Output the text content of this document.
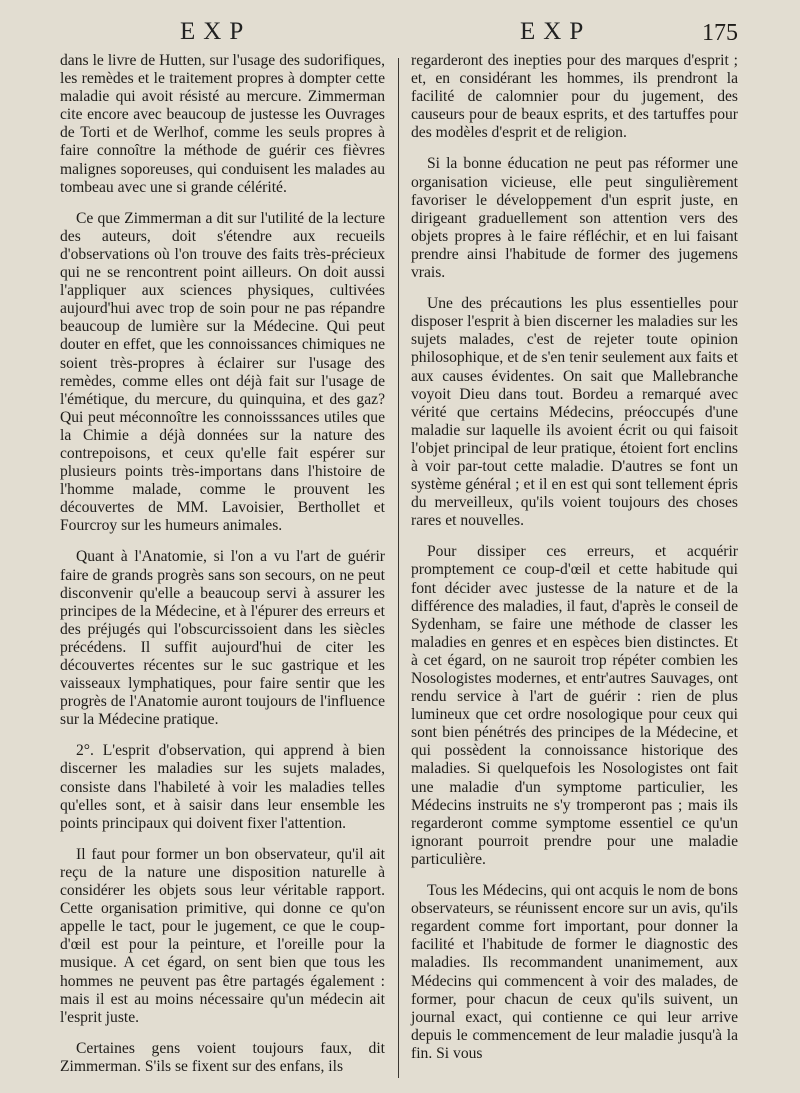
EXP	EXP	175

dans le livre de Hutten, sur l'usage des sudorifiques, les remèdes et le traitement propres à dompter cette maladie qui avoit résisté au mercure. Zimmerman cite encore avec beaucoup de justesse les Ouvrages de Torti et de Werlhof, comme les seuls propres à faire connoître la méthode de guérir ces fièvres malignes soporeuses, qui conduisent les malades au tombeau avec une si grande célérité.

Ce que Zimmerman a dit sur l'utilité de la lecture des auteurs, doit s'étendre aux recueils d'observations où l'on trouve des faits très-précieux qui ne se rencontrent point ailleurs. On doit aussi l'appliquer aux sciences physiques, cultivées aujourd'hui avec trop de soin pour ne pas répandre beaucoup de lumière sur la Médecine. Qui peut douter en effet, que les connoissances chimiques ne soient très-propres à éclairer sur l'usage des remèdes, comme elles ont déjà fait sur l'usage de l'émétique, du mercure, du quinquina, et des gaz? Qui peut méconnoître les connoisssances utiles que la Chimie a déjà données sur la nature des contrepoisons, et ceux qu'elle fait espérer sur plusieurs points très-importans dans l'histoire de l'homme malade, comme le prouvent les découvertes de MM. Lavoisier, Berthollet et Fourcroy sur les humeurs animales.

Quant à l'Anatomie, si l'on a vu l'art de guérir faire de grands progrès sans son secours, on ne peut disconvenir qu'elle a beaucoup servi à assurer les principes de la Médecine, et à l'épurer des erreurs et des préjugés qui l'obscurcissoient dans les siècles précédens. Il suffit aujourd'hui de citer les découvertes récentes sur le suc gastrique et les vaisseaux lymphatiques, pour faire sentir que les progrès de l'Anatomie auront toujours de l'influence sur la Médecine pratique.

2°. L'esprit d'observation, qui apprend à bien discerner les maladies sur les sujets malades, consiste dans l'habileté à voir les maladies telles qu'elles sont, et à saisir dans leur ensemble les points principaux qui doivent fixer l'attention.

Il faut pour former un bon observateur, qu'il ait reçu de la nature une disposition naturelle à considérer les objets sous leur véritable rapport. Cette organisation primitive, qui donne ce qu'on appelle le tact, pour le jugement, ce que le coup-d'œil est pour la peinture, et l'oreille pour la musique. A cet égard, on sent bien que tous les hommes ne peuvent pas être partagés également : mais il est au moins nécessaire qu'un médecin ait l'esprit juste.

Certaines gens voient toujours faux, dit Zimmerman. S'ils se fixent sur des enfans, ils

regarderont des inepties pour des marques d'esprit ; et, en considérant les hommes, ils prendront la facilité de calomnier pour du jugement, des causeurs pour de beaux esprits, et des tartuffes pour des modèles d'esprit et de religion.

Si la bonne éducation ne peut pas réformer une organisation vicieuse, elle peut singulièrement favoriser le développement d'un esprit juste, en dirigeant graduellement son attention vers des objets propres à le faire réfléchir, et en lui faisant prendre ainsi l'habitude de former des jugemens vrais.

Une des précautions les plus essentielles pour disposer l'esprit à bien discerner les maladies sur les sujets malades, c'est de rejeter toute opinion philosophique, et de s'en tenir seulement aux faits et aux causes évidentes. On sait que Mallebranche voyoit Dieu dans tout. Bordeu a remarqué avec vérité que certains Médecins, préoccupés d'une maladie sur laquelle ils avoient écrit ou qui faisoit l'objet principal de leur pratique, étoient fort enclins à voir par-tout cette maladie. D'autres se font un système général ; et il en est qui sont tellement épris du merveilleux, qu'ils voient toujours des choses rares et nouvelles.

Pour dissiper ces erreurs, et acquérir promptement ce coup-d'œil et cette habitude qui font décider avec justesse de la nature et de la différence des maladies, il faut, d'après le conseil de Sydenham, se faire une méthode de classer les maladies en genres et en espèces bien distinctes. Et à cet égard, on ne sauroit trop répéter combien les Nosologistes modernes, et entr'autres Sauvages, ont rendu service à l'art de guérir : rien de plus lumineux que cet ordre nosologique pour ceux qui sont bien pénétrés des principes de la Médecine, et qui possèdent la connoissance historique des maladies. Si quelquefois les Nosologistes ont fait une maladie d'un symptome particulier, les Médecins instruits ne s'y tromperont pas ; mais ils regarderont comme symptome essentiel ce qu'un ignorant pourroit prendre pour une maladie particulière.

Tous les Médecins, qui ont acquis le nom de bons observateurs, se réunissent encore sur un avis, qu'ils regardent comme fort important, pour donner la facilité et l'habitude de former le diagnostic des maladies. Ils recommandent unanimement, aux Médecins qui commencent à voir des malades, de former, pour chacun de ceux qu'ils suivent, un journal exact, qui contienne ce qui leur arrive depuis le commencement de leur maladie jusqu'à la fin. Si vous
